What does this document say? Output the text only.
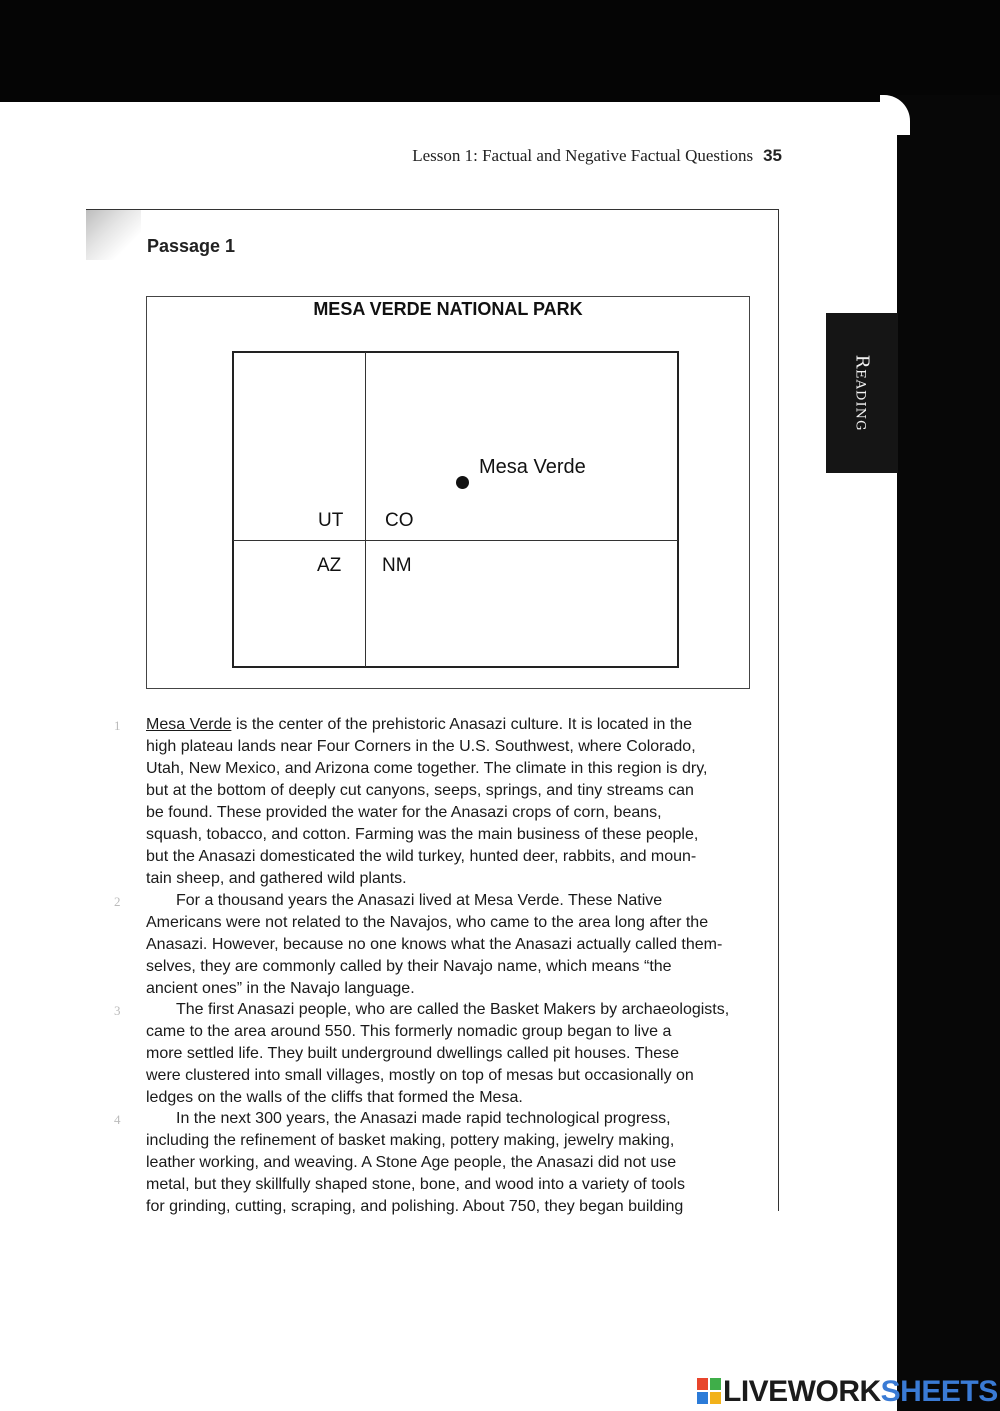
Reading
Lesson 1: Factual and Negative Factual Questions 35
Passage 1
MESA VERDE NATIONAL PARK
Mesa Verde
UT CO
AZ NM
1 Mesa Verde is the center of the prehistoric Anasazi culture. It is located in the
high plateau lands near Four Corners in the U.S. Southwest, where Colorado,
Utah, New Mexico, and Arizona come together. The climate in this region is dry,
but at the bottom of deeply cut canyons, seeps, springs, and tiny streams can
be found. These provided the water for the Anasazi crops of corn, beans,
squash, tobacco, and cotton. Farming was the main business of these people,
but the Anasazi domesticated the wild turkey, hunted deer, rabbits, and moun-
tain sheep, and gathered wild plants.
2	For a thousand years the Anasazi lived at Mesa Verde. These Native
Americans were not related to the Navajos, who came to the area long after the
Anasazi. However, because no one knows what the Anasazi actually called them-
selves, they are commonly called by their Navajo name, which means “the
ancient ones” in the Navajo language.
3	The first Anasazi people, who are called the Basket Makers by archaeologists,
came to the area around 550. This formerly nomadic group began to live a
more settled life. They built underground dwellings called pit houses. These
were clustered into small villages, mostly on top of mesas but occasionally on
ledges on the walls of the cliffs that formed the Mesa.
4	In the next 300 years, the Anasazi made rapid technological progress,
including the refinement of basket making, pottery making, jewelry making,
leather working, and weaving. A Stone Age people, the Anasazi did not use
metal, but they skillfully shaped stone, bone, and wood into a variety of tools
for grinding, cutting, scraping, and polishing. About 750, they began building
LIVEWORKSHEETS
